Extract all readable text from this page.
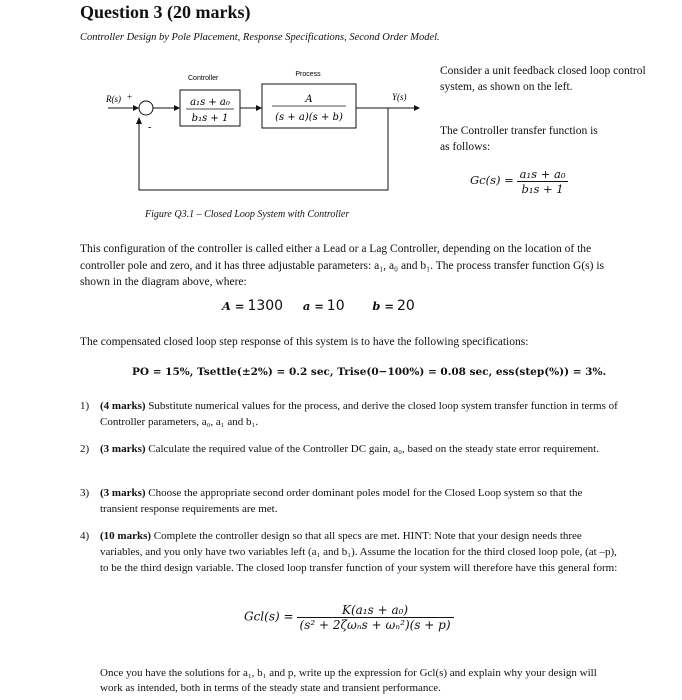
Question 3 (20 marks)
Controller Design by Pole Placement, Response Specifications, Second Order Model.
R(s) +
-
Controller
a₁s + a₀
b₁s + 1
Process
A
(s + a)(s + b)
Y(s)
Consider a unit feedback closed loop control system, as shown on the left.
The Controller transfer function is as follows:
$Gc(s) = \frac{\text{a₁s + a₀}}{\text{b₁s + 1}}$
Figure Q3.1 – Closed Loop System with Controller
This configuration of the controller is called either a Lead or a Lag Controller, depending on the location of the controller pole and zero, and it has three adjustable parameters: a₁, a₀ and b₁. The process transfer function G(s) is shown in the diagram above, where:
A = 1300 a = 10 b = 20
The compensated closed loop step response of this system is to have the following specifications:
PO = 15%, Tsettle(±2%) = 0.2 sec, Trise(0−100%) = 0.08 sec, ess(step(%)) = 3%.
1) (4 marks) Substitute numerical values for the process, and derive the closed loop system transfer function in terms of Controller parameters, a₀, a₁ and b₁.
2) (3 marks) Calculate the required value of the Controller DC gain, a₀, based on the steady state error requirement.
3) (3 marks) Choose the appropriate second order dominant poles model for the Closed Loop system so that the transient response requirements are met.
4) (10 marks) Complete the controller design so that all specs are met. HINT: Note that your design needs three variables, and you only have two variables left (a₁ and b₁). Assume the location for the third closed loop pole, (at –p), to be the third design variable. The closed loop transfer function of your system will therefore have this general form:
$Gcl(s) = \frac{\text{K(a₁s + a₀)}}{\text{(s² + 2ζωₙs + ωₙ²)(s + p)}}$
Once you have the solutions for a₁, b₁ and p, write up the expression for Gcl(s) and explain why your design will work as intended, both in terms of the steady state and transient performance.
